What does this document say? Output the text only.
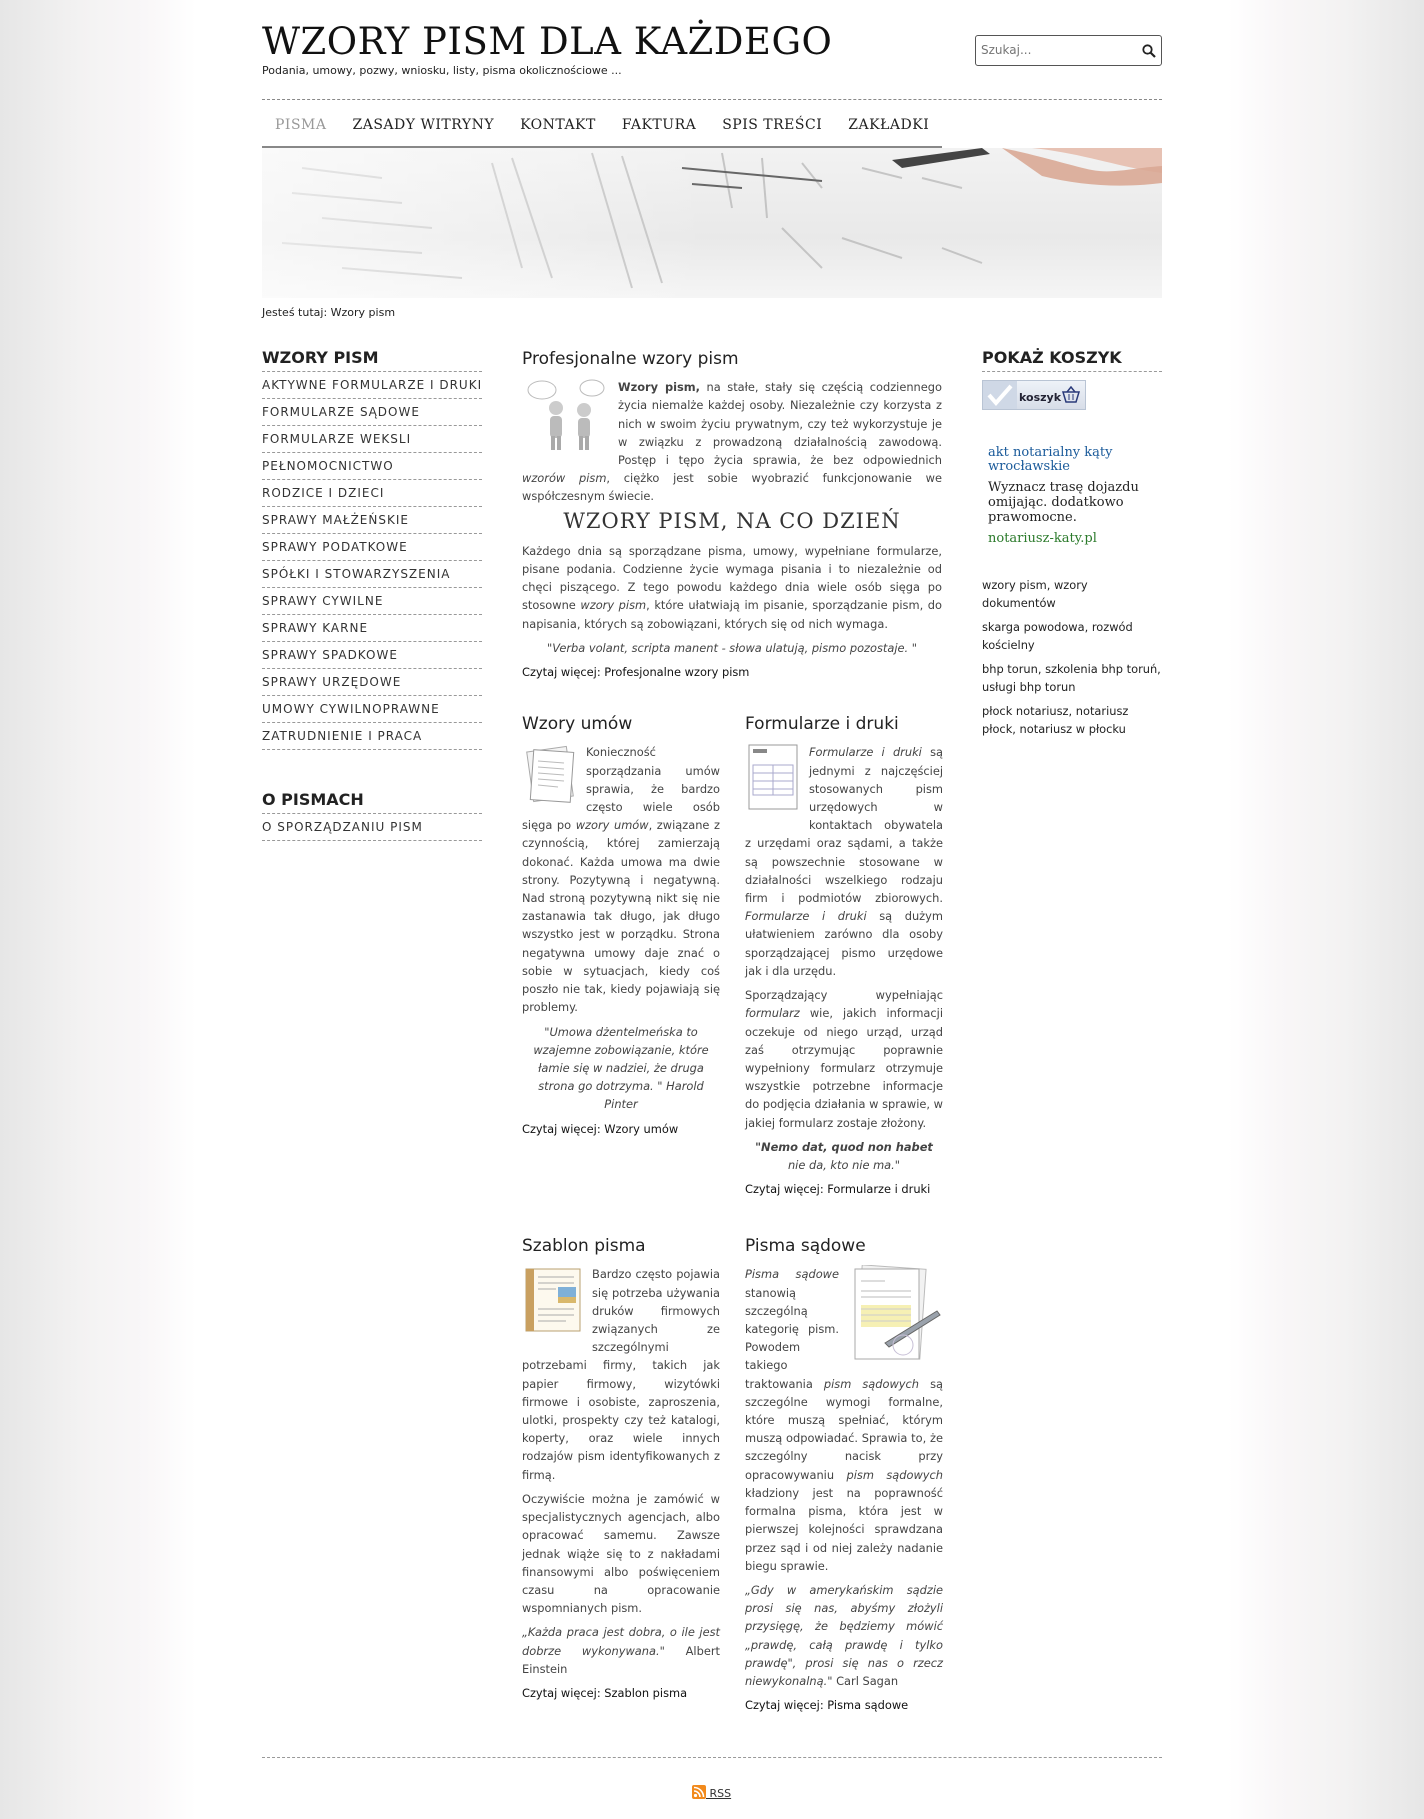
WZORY PISM DLA KAŻDEGO
Podania, umowy, pozwy, wniosku, listy, pisma okolicznościowe ...
Szukaj...
PISMA	ZASADY WITRYNY	KONTAKT	FAKTURA	SPIS TREŚCI	ZAKŁADKI
Jesteś tutaj: Wzory pism
WZORY PISM
AKTYWNE FORMULARZE I DRUKI
FORMULARZE SĄDOWE
FORMULARZE WEKSLI
PEŁNOMOCNICTWO
RODZICE I DZIECI
SPRAWY MAŁŻEŃSKIE
SPRAWY PODATKOWE
SPÓŁKI I STOWARZYSZENIA
SPRAWY CYWILNE
SPRAWY KARNE
SPRAWY SPADKOWE
SPRAWY URZĘDOWE
UMOWY CYWILNOPRAWNE
ZATRUDNIENIE I PRACA
O PISMACH
O SPORZĄDZANIU PISM
Profesjonalne wzory pism

Wzory pism, na stałe, stały się częścią codziennego życia niemalże każdej osoby. Niezależnie czy korzysta z nich w swoim życiu prywatnym, czy też wykorzystuje je w związku z prowadzoną działalnością zawodową. Postęp i tępo życia sprawia, że bez odpowiednich wzorów pism, ciężko jest sobie wyobrazić funkcjonowanie we współczesnym świecie.

WZORY PISM, NA CO DZIEŃ

Każdego dnia są sporządzane pisma, umowy, wypełniane formularze, pisane podania. Codzienne życie wymaga pisania i to niezależnie od chęci piszącego. Z tego powodu każdego dnia wiele osób sięga po stosowne wzory pism, które ułatwiają im pisanie, sporządzanie pism, do napisania, których są zobowiązani, których się od nich wymaga.

"Verba volant, scripta manent - słowa ulatują, pismo pozostaje. "

Czytaj więcej: Profesjonalne wzory pism

Wzory umów

Konieczność sporządzania umów sprawia, że bardzo często wiele osób sięga po wzory umów, związane z czynnością, której zamierzają dokonać. Każda umowa ma dwie strony. Pozytywną i negatywną. Nad stroną pozytywną nikt się nie zastanawia tak długo, jak długo wszystko jest w porządku. Strona negatywna umowy daje znać o sobie w sytuacjach, kiedy coś poszło nie tak, kiedy pojawiają się problemy.

"Umowa dżentelmeńska to wzajemne zobowiązanie, które łamie się w nadziei, że druga strona go dotrzyma. " Harold Pinter

Czytaj więcej: Wzory umów

Formularze i druki

Formularze i druki są jednymi z najczęściej stosowanych pism urzędowych w kontaktach obywatela z urzędami oraz sądami, a także są powszechnie stosowane w działalności wszelkiego rodzaju firm i podmiotów zbiorowych. Formularze i druki są dużym ułatwieniem zarówno dla osoby sporządzającej pismo urzędowe jak i dla urzędu.

Sporządzający wypełniając formularz wie, jakich informacji oczekuje od niego urząd, urząd zaś otrzymując poprawnie wypełniony formularz otrzymuje wszystkie potrzebne informacje do podjęcia działania w sprawie, w jakiej formularz zostaje złożony.

"Nemo dat, quod non habet
nie da, kto nie ma."

Czytaj więcej: Formularze i druki

Szablon pisma

Bardzo często pojawia się potrzeba używania druków firmowych związanych ze szczególnymi potrzebami firmy, takich jak papier firmowy, wizytówki firmowe i osobiste, zaproszenia, ulotki, prospekty czy też katalogi, koperty, oraz wiele innych rodzajów pism identyfikowanych z firmą.

Oczywiście można je zamówić w specjalistycznych agencjach, albo opracować samemu. Zawsze jednak wiąże się to z nakładami finansowymi albo poświęceniem czasu na opracowanie wspomnianych pism.

„Każda praca jest dobra, o ile jest dobrze wykonywana." Albert Einstein

Czytaj więcej: Szablon pisma

Pisma sądowe

Pisma sądowe stanowią szczególną kategorię pism. Powodem takiego traktowania pism sądowych są szczególne wymogi formalne, które muszą spełniać, którym muszą odpowiadać. Sprawia to, że szczególny nacisk przy opracowywaniu pism sądowych kładziony jest na poprawność formalna pisma, która jest w pierwszej kolejności sprawdzana przez sąd i od niej zależy nadanie biegu sprawie.

„Gdy w amerykańskim sądzie prosi się nas, abyśmy złożyli przysięgę, że będziemy mówić „prawdę, całą prawdę i tylko prawdę", prosi się nas o rzecz niewykonalną." Carl Sagan

Czytaj więcej: Pisma sądowe

POKAŻ KOSZYK
koszyk
akt notarialny kąty wrocławskie
Wyznacz trasę dojazdu omijając. dodatkowo prawomocne.
notariusz-katy.pl
wzory pism, wzory dokumentów
skarga powodowa, rozwód kościelny
bhp torun, szkolenia bhp toruń, usługi bhp torun
płock notariusz, notariusz płock, notariusz w płocku
RSS
